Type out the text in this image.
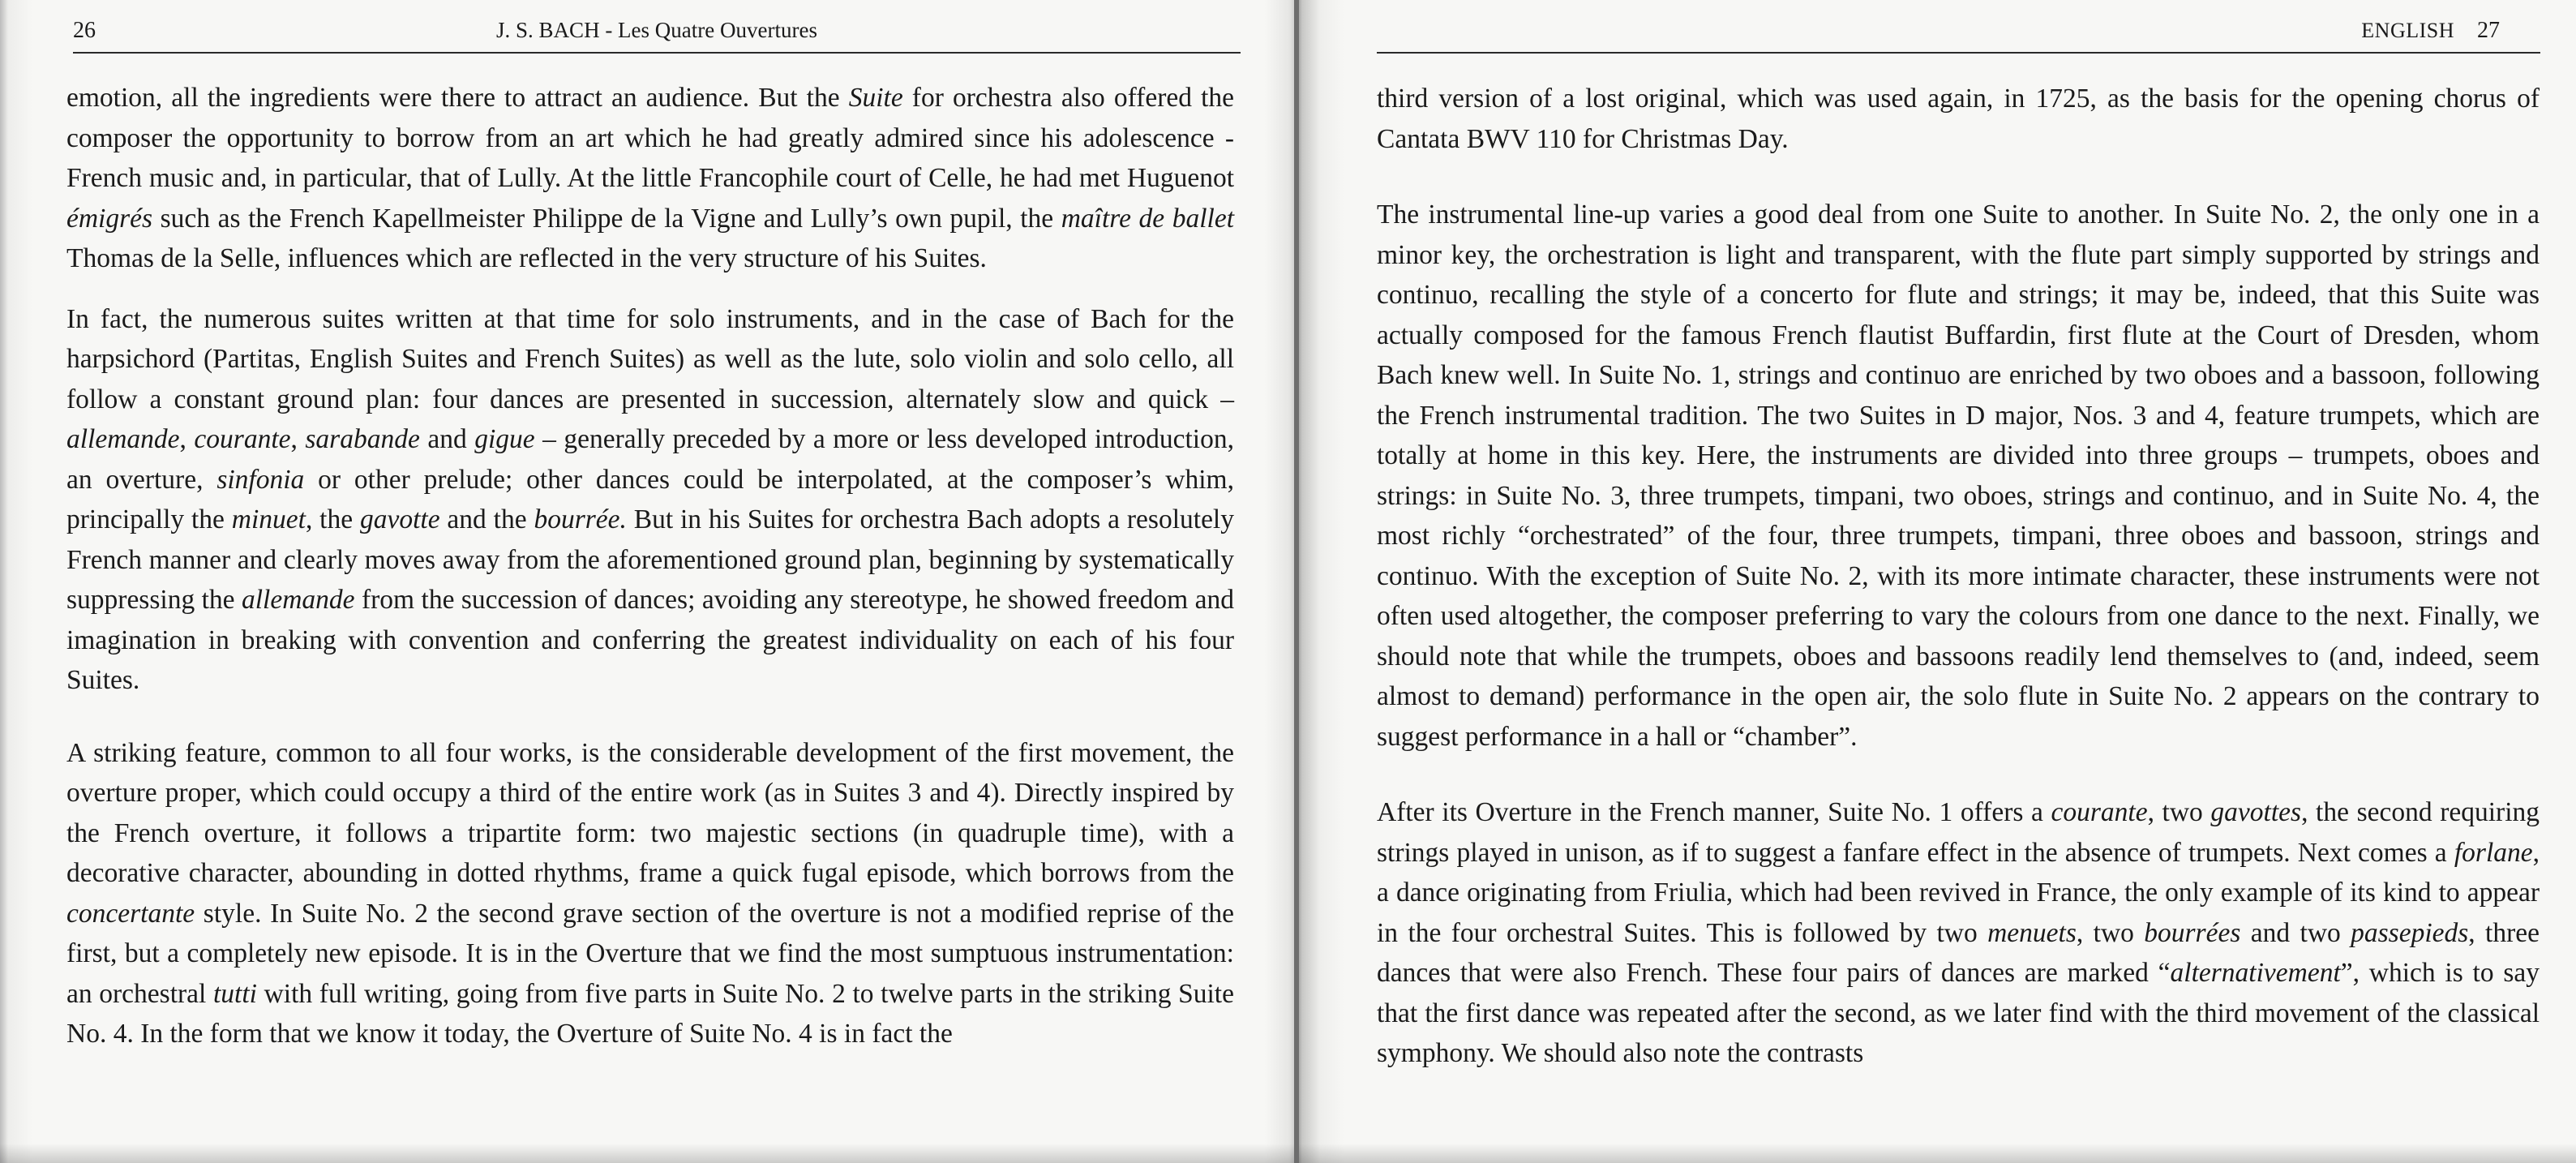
26	J. S. BACH - Les Quatre Ouvertures

emotion, all the ingredients were there to attract an audience. But the Suite for orchestra also offered the composer the opportunity to borrow from an art which he had greatly admired since his adolescence - French music and, in particular, that of Lully. At the little Francophile court of Celle, he had met Huguenot émigrés such as the French Kapellmeister Philippe de la Vigne and Lully’s own pupil, the maître de ballet Thomas de la Selle, influences which are reflected in the very structure of his Suites.

In fact, the numerous suites written at that time for solo instruments, and in the case of Bach for the harpsichord (Partitas, English Suites and French Suites) as well as the lute, solo violin and solo cello, all follow a constant ground plan: four dances are presented in succession, alternately slow and quick – allemande, courante, sarabande and gigue – generally preceded by a more or less developed introduction, an overture, sinfonia or other prelude; other dances could be interpolated, at the composer’s whim, principally the minuet, the gavotte and the bourrée. But in his Suites for orchestra Bach adopts a resolutely French manner and clearly moves away from the aforementioned ground plan, beginning by systematically suppressing the allemande from the succession of dances; avoiding any stereotype, he showed freedom and imagination in breaking with convention and conferring the greatest individuality on each of his four Suites.

A striking feature, common to all four works, is the considerable development of the first movement, the overture proper, which could occupy a third of the entire work (as in Suites 3 and 4). Directly inspired by the French overture, it follows a tripartite form: two majestic sections (in quadruple time), with a decorative character, abounding in dotted rhythms, frame a quick fugal episode, which borrows from the concertante style. In Suite No. 2 the second grave section of the overture is not a modified reprise of the first, but a completely new episode. It is in the Overture that we find the most sumptuous instrumentation: an orchestral tutti with full writing, going from five parts in Suite No. 2 to twelve parts in the striking Suite No. 4. In the form that we know it today, the Overture of Suite No. 4 is in fact the

ENGLISH 27

third version of a lost original, which was used again, in 1725, as the basis for the opening chorus of Cantata BWV 110 for Christmas Day.

The instrumental line-up varies a good deal from one Suite to another. In Suite No. 2, the only one in a minor key, the orchestration is light and transparent, with the flute part simply supported by strings and continuo, recalling the style of a concerto for flute and strings; it may be, indeed, that this Suite was actually composed for the famous French flautist Buffardin, first flute at the Court of Dresden, whom Bach knew well. In Suite No. 1, strings and continuo are enriched by two oboes and a bassoon, following the French instrumental tradition. The two Suites in D major, Nos. 3 and 4, feature trumpets, which are totally at home in this key. Here, the instruments are divided into three groups – trumpets, oboes and strings: in Suite No. 3, three trumpets, timpani, two oboes, strings and continuo, and in Suite No. 4, the most richly “orchestrated” of the four, three trumpets, timpani, three oboes and bassoon, strings and continuo. With the exception of Suite No. 2, with its more intimate character, these instruments were not often used altogether, the composer preferring to vary the colours from one dance to the next. Finally, we should note that while the trumpets, oboes and bassoons readily lend themselves to (and, indeed, seem almost to demand) performance in the open air, the solo flute in Suite No. 2 appears on the contrary to suggest performance in a hall or “chamber”.

After its Overture in the French manner, Suite No. 1 offers a courante, two gavottes, the second requiring strings played in unison, as if to suggest a fanfare effect in the absence of trumpets. Next comes a forlane, a dance originating from Friulia, which had been revived in France, the only example of its kind to appear in the four orchestral Suites. This is followed by two menuets, two bourrées and two passepieds, three dances that were also French. These four pairs of dances are marked “alternativement”, which is to say that the first dance was repeated after the second, as we later find with the third movement of the classical symphony. We should also note the contrasts
